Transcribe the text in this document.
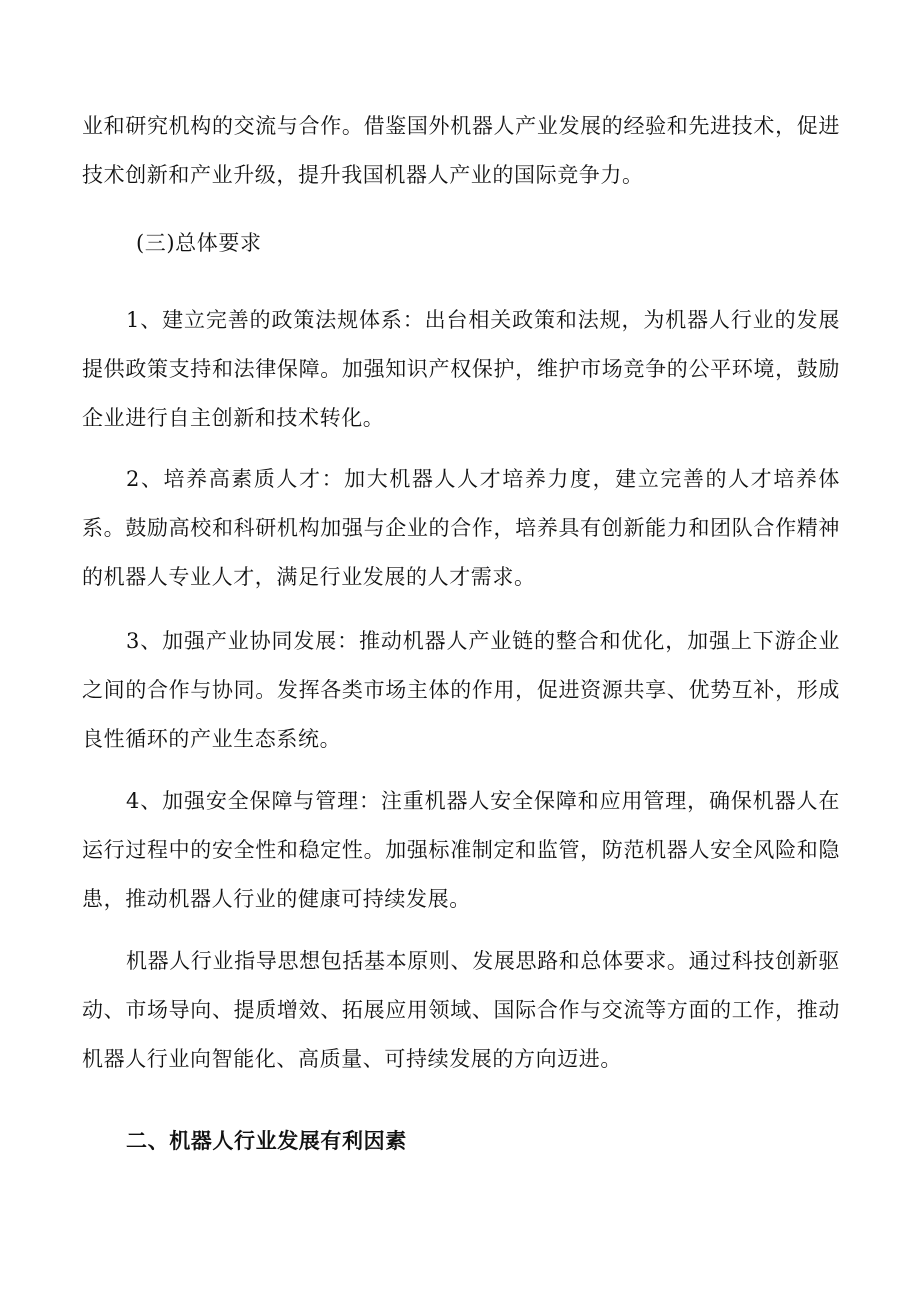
业和研究机构的交流与合作。借鉴国外机器人产业发展的经验和先进技术，促进技术创新和产业升级，提升我国机器人产业的国际竞争力。

(三)总体要求

1、建立完善的政策法规体系：出台相关政策和法规，为机器人行业的发展提供政策支持和法律保障。加强知识产权保护，维护市场竞争的公平环境，鼓励企业进行自主创新和技术转化。

2、培养高素质人才：加大机器人人才培养力度，建立完善的人才培养体系。鼓励高校和科研机构加强与企业的合作，培养具有创新能力和团队合作精神的机器人专业人才，满足行业发展的人才需求。

3、加强产业协同发展：推动机器人产业链的整合和优化，加强上下游企业之间的合作与协同。发挥各类市场主体的作用，促进资源共享、优势互补，形成良性循环的产业生态系统。

4、加强安全保障与管理：注重机器人安全保障和应用管理，确保机器人在运行过程中的安全性和稳定性。加强标准制定和监管，防范机器人安全风险和隐患，推动机器人行业的健康可持续发展。

机器人行业指导思想包括基本原则、发展思路和总体要求。通过科技创新驱动、市场导向、提质增效、拓展应用领域、国际合作与交流等方面的工作，推动机器人行业向智能化、高质量、可持续发展的方向迈进。

二、机器人行业发展有利因素
